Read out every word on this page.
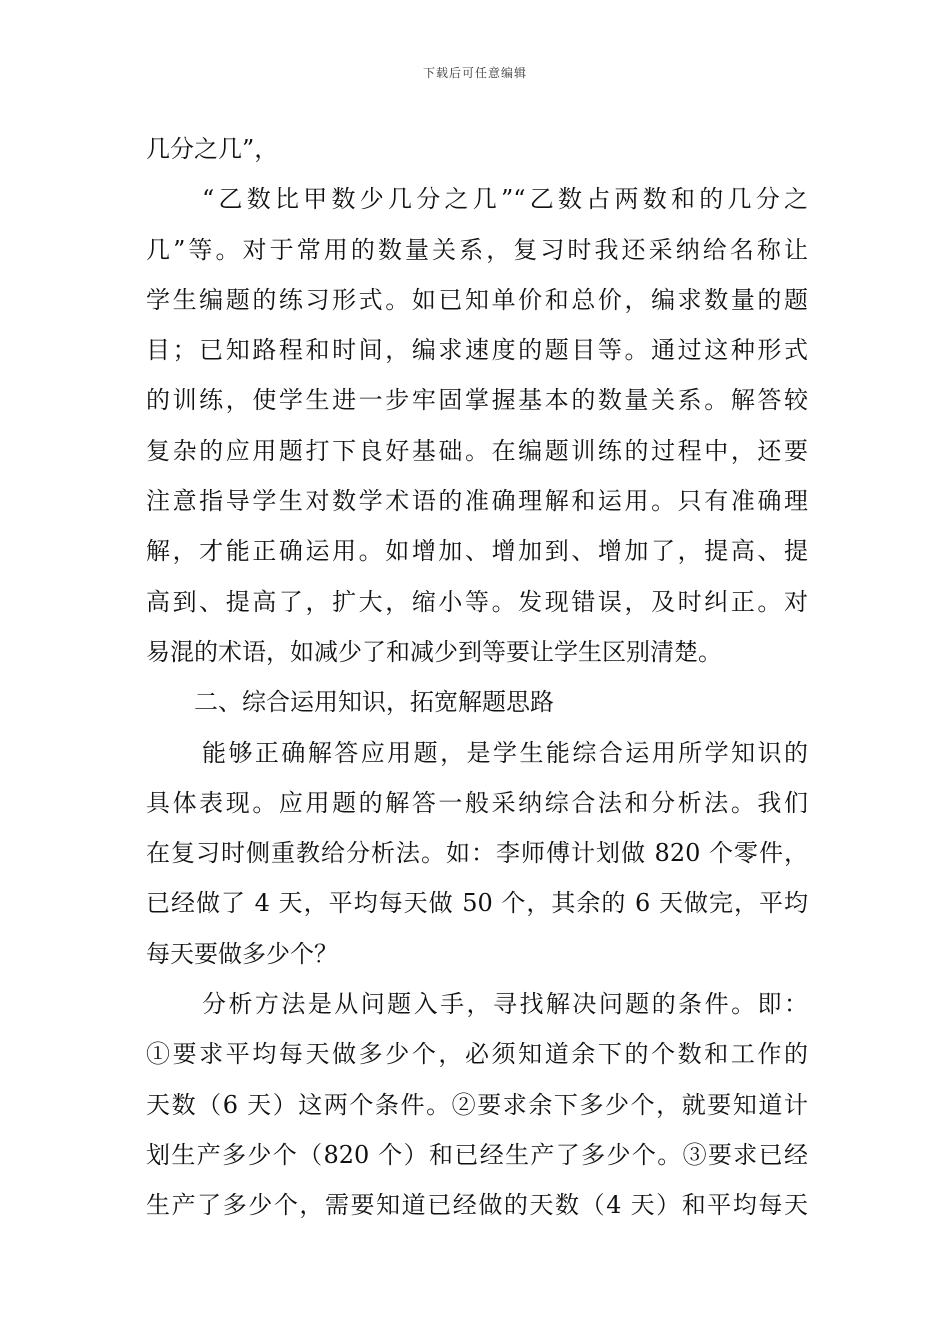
下载后可任意编辑
几分之几”，
“乙数比甲数少几分之几”“乙数占两数和的几分之
几”等。对于常用的数量关系，复习时我还采纳给名称让
学生编题的练习形式。如已知单价和总价，编求数量的题
目；已知路程和时间，编求速度的题目等。通过这种形式
的训练，使学生进一步牢固掌握基本的数量关系。解答较
复杂的应用题打下良好基础。在编题训练的过程中，还要
注意指导学生对数学术语的准确理解和运用。只有准确理
解，才能正确运用。如增加、增加到、增加了，提高、提
高到、提高了，扩大，缩小等。发现错误，及时纠正。对
易混的术语，如减少了和减少到等要让学生区别清楚。
二、综合运用知识，拓宽解题思路
能够正确解答应用题，是学生能综合运用所学知识的
具体表现。应用题的解答一般采纳综合法和分析法。我们
在复习时侧重教给分析法。如：李师傅计划做 820 个零件，
已经做了 4 天，平均每天做 50 个，其余的 6 天做完，平均
每天要做多少个？
分析方法是从问题入手，寻找解决问题的条件。即：
①要求平均每天做多少个，必须知道余下的个数和工作的
天数（6 天）这两个条件。②要求余下多少个，就要知道计
划生产多少个（820 个）和已经生产了多少个。③要求已经
生产了多少个，需要知道已经做的天数（4 天）和平均每天
